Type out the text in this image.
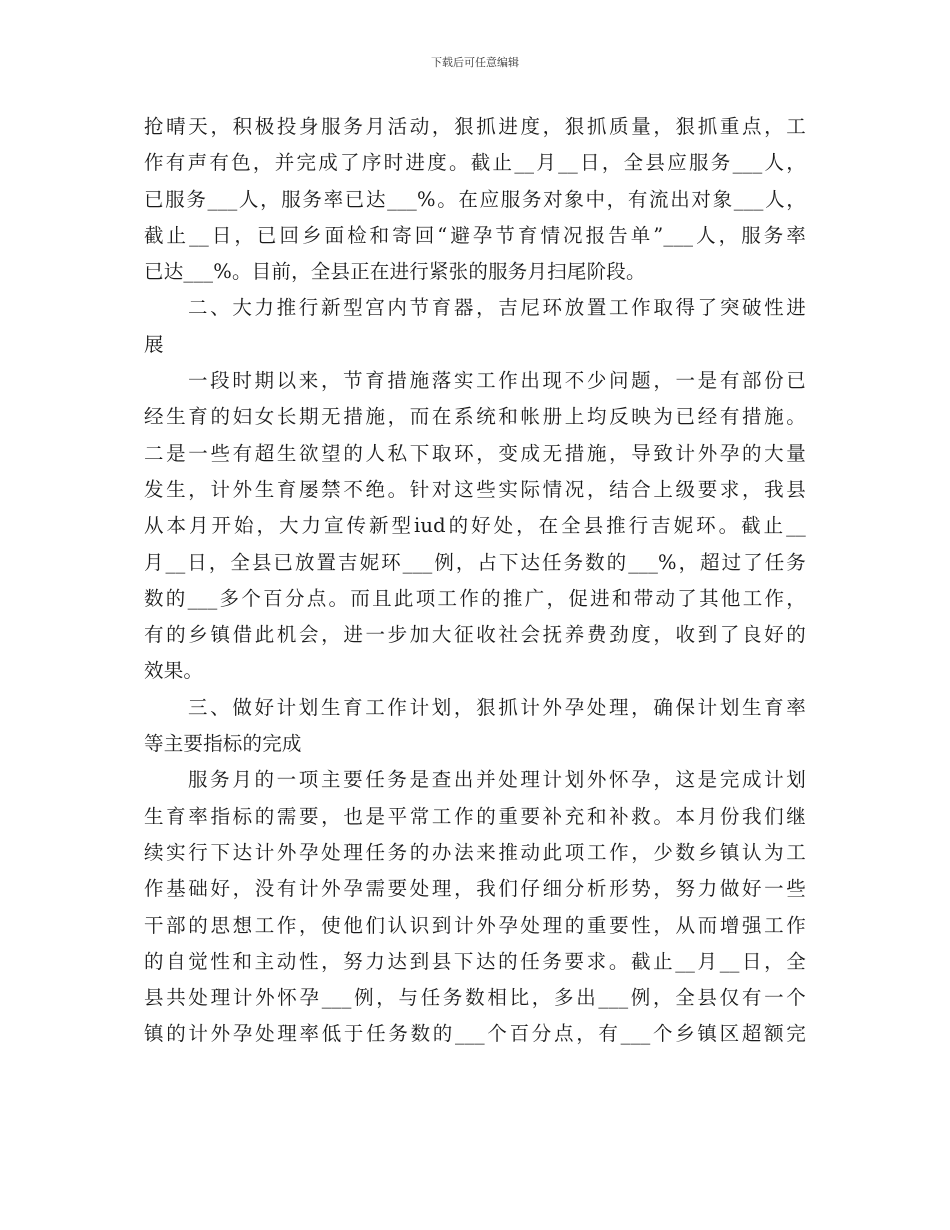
下载后可任意编辑
抢晴天，积极投身服务月活动，狠抓进度，狠抓质量，狠抓重点，工
作有声有色，并完成了序时进度。截止__月__日，全县应服务___人，
已服务___人，服务率已达___%。在应服务对象中，有流出对象___人，
截止__日，已回乡面检和寄回“避孕节育情况报告单”___人，服务率
已达___%。目前，全县正在进行紧张的服务月扫尾阶段。
二、大力推行新型宫内节育器，吉尼环放置工作取得了突破性进
展
一段时期以来，节育措施落实工作出现不少问题，一是有部份已
经生育的妇女长期无措施，而在系统和帐册上均反映为已经有措施。
二是一些有超生欲望的人私下取环，变成无措施，导致计外孕的大量
发生，计外生育屡禁不绝。针对这些实际情况，结合上级要求，我县
从本月开始，大力宣传新型iud的好处，在全县推行吉妮环。截止__
月__日，全县已放置吉妮环___例，占下达任务数的___%，超过了任务
数的___多个百分点。而且此项工作的推广，促进和带动了其他工作，
有的乡镇借此机会，进一步加大征收社会抚养费劲度，收到了良好的
效果。
三、做好计划生育工作计划，狠抓计外孕处理，确保计划生育率
等主要指标的完成
服务月的一项主要任务是查出并处理计划外怀孕，这是完成计划
生育率指标的需要，也是平常工作的重要补充和补救。本月份我们继
续实行下达计外孕处理任务的办法来推动此项工作，少数乡镇认为工
作基础好，没有计外孕需要处理，我们仔细分析形势，努力做好一些
干部的思想工作，使他们认识到计外孕处理的重要性，从而增强工作
的自觉性和主动性，努力达到县下达的任务要求。截止__月__日，全
县共处理计外怀孕___例，与任务数相比，多出___例，全县仅有一个
镇的计外孕处理率低于任务数的___个百分点，有___个乡镇区超额完
